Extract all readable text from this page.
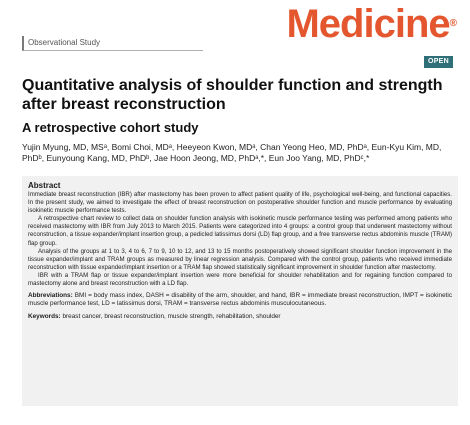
Observational Study	Medicine®
OPEN
Quantitative analysis of shoulder function and strength after breast reconstruction
A retrospective cohort study
Yujin Myung, MD, MSᵃ, Bomi Choi, MDᵃ, Heeyeon Kwon, MDᵃ, Chan Yeong Heo, MD, PhDᵃ, Eun-Kyu Kim, MD, PhDᵇ, Eunyoung Kang, MD, PhDᵇ, Jae Hoon Jeong, MD, PhDᵃ,*, Eun Joo Yang, MD, PhDᶜ,*
Abstract

Immediate breast reconstruction (IBR) after mastectomy has been proven to affect patient quality of life, psychological well-being, and functional capacities. In the present study, we aimed to investigate the effect of breast reconstruction on postoperative shoulder function and muscle performance by evaluating isokinetic muscle performance tests.

A retrospective chart review to collect data on shoulder function analysis with isokinetic muscle performance testing was performed among patients who received mastectomy with IBR from July 2013 to March 2015. Patients were categorized into 4 groups: a control group that underwent mastectomy without reconstruction, a tissue expander/implant insertion group, a pedicled latissimus dorsi (LD) flap group, and a free transverse rectus abdominis muscle (TRAM) flap group.

Analysis of the groups at 1 to 3, 4 to 6, 7 to 9, 10 to 12, and 13 to 15 months postoperatively showed significant shoulder function improvement in the tissue expander/implant and TRAM groups as measured by linear regression analysis. Compared with the control group, patients who received immediate reconstruction with tissue expander/implant insertion or a TRAM flap showed statistically significant improvement in shoulder function after mastectomy.

IBR with a TRAM flap or tissue expander/implant insertion were more beneficial for shoulder rehabilitation and for regaining function compared to mastectomy alone and breast reconstruction with a LD flap.

Abbreviations: BMI = body mass index, DASH = disability of the arm, shoulder, and hand, IBR = immediate breast reconstruction, IMPT = isokinetic muscle performance test, LD = latissimus dorsi, TRAM = transverse rectus abdominis musculocutaneous.

Keywords: breast cancer, breast reconstruction, muscle strength, rehabilitation, shoulder
